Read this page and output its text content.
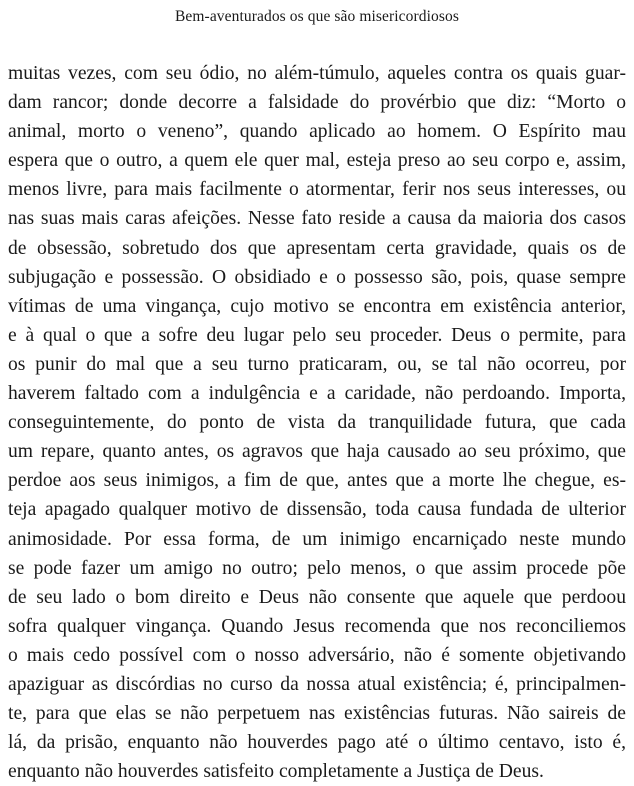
Bem-aventurados os que são misericordiosos
muitas vezes, com seu ódio, no além-túmulo, aqueles contra os quais guar-
dam rancor; donde decorre a falsidade do provérbio que diz: “Morto o
animal, morto o veneno”, quando aplicado ao homem. O Espírito mau
espera que o outro, a quem ele quer mal, esteja preso ao seu corpo e, assim,
menos livre, para mais facilmente o atormentar, ferir nos seus interesses, ou
nas suas mais caras afeições. Nesse fato reside a causa da maioria dos casos
de obsessão, sobretudo dos que apresentam certa gravidade, quais os de
subjugação e possessão. O obsidiado e o possesso são, pois, quase sempre
vítimas de uma vingança, cujo motivo se encontra em existência anterior,
e à qual o que a sofre deu lugar pelo seu proceder. Deus o permite, para
os punir do mal que a seu turno praticaram, ou, se tal não ocorreu, por
haverem faltado com a indulgência e a caridade, não perdoando. Importa,
conseguintemente, do ponto de vista da tranquilidade futura, que cada
um repare, quanto antes, os agravos que haja causado ao seu próximo, que
perdoe aos seus inimigos, a fim de que, antes que a morte lhe chegue, es-
teja apagado qualquer motivo de dissensão, toda causa fundada de ulterior
animosidade. Por essa forma, de um inimigo encarniçado neste mundo
se pode fazer um amigo no outro; pelo menos, o que assim procede põe
de seu lado o bom direito e Deus não consente que aquele que perdoou
sofra qualquer vingança. Quando Jesus recomenda que nos reconciliemos
o mais cedo possível com o nosso adversário, não é somente objetivando
apaziguar as discórdias no curso da nossa atual existência; é, principalmen-
te, para que elas se não perpetuem nas existências futuras. Não saireis de
lá, da prisão, enquanto não houverdes pago até o último centavo, isto é,
enquanto não houverdes satisfeito completamente a Justiça de Deus.
